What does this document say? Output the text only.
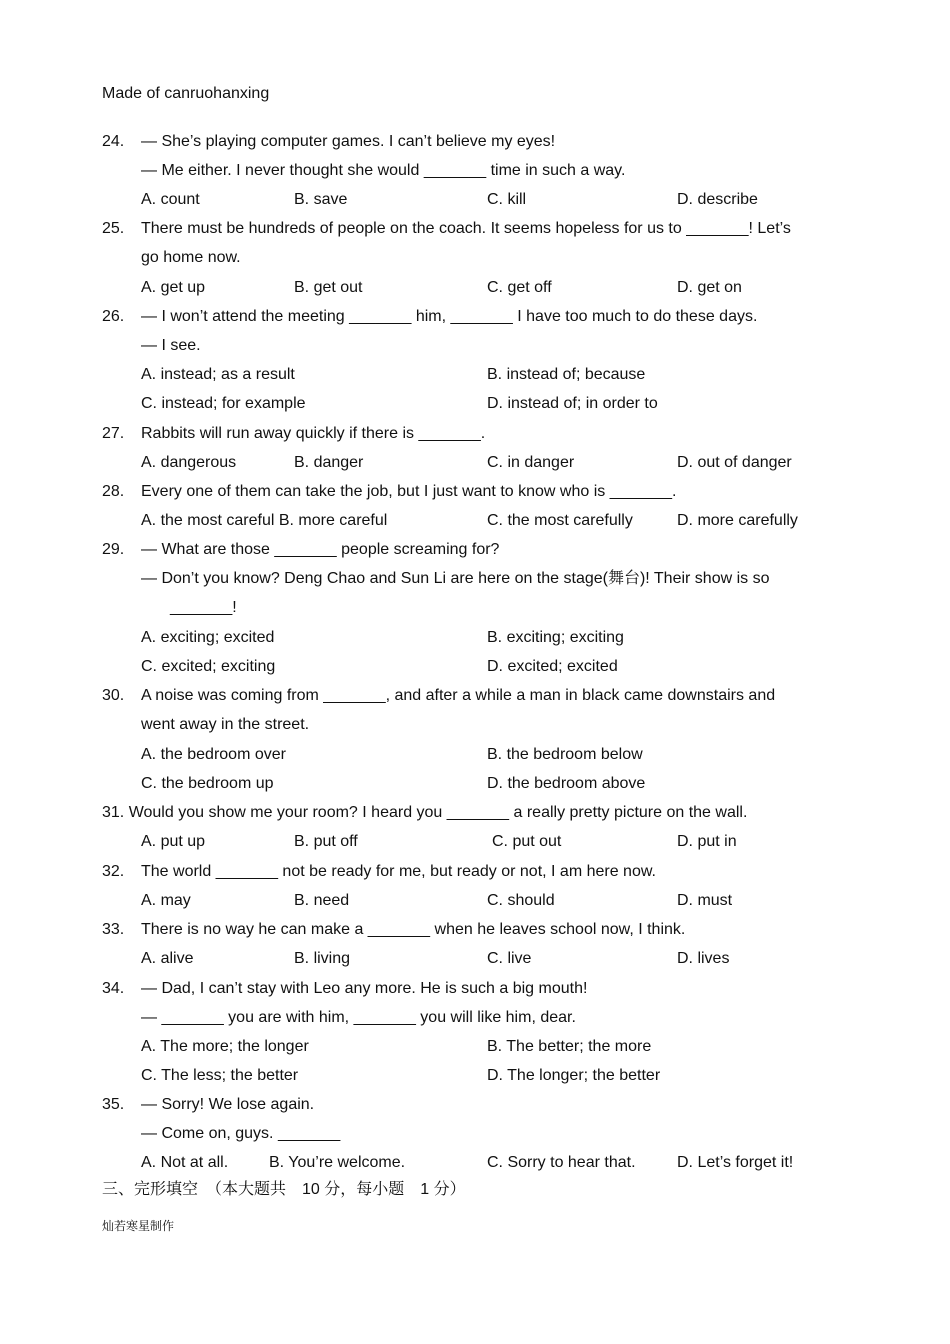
Made of canruohanxing
24. — She’s playing computer games. I can’t believe my eyes!
— Me either. I never thought she would _______ time in such a way.
A. count	B. save	C. kill	D. describe
25. There must be hundreds of people on the coach. It seems hopeless for us to _______! Let’s
go home now.
A. get up	B. get out	C. get off	D. get on
26. — I won’t attend the meeting _______ him, _______ I have too much to do these days.
— I see.
A. instead; as a result	B. instead of; because
C. instead; for example	D. instead of; in order to
27. Rabbits will run away quickly if there is _______.
A. dangerous	B. danger	C. in danger	D. out of danger
28. Every one of them can take the job, but I just want to know who is _______.
A. the most careful B. more careful	C. the most carefully	D. more carefully
29. — What are those _______ people screaming for?
— Don’t you know? Deng Chao and Sun Li are here on the stage(舞台)! Their show is so
_______!
A. exciting; excited	B. exciting; exciting
C. excited; exciting	D. excited; excited
30. A noise was coming from _______, and after a while a man in black came downstairs and
went away in the street.
A. the bedroom over	B. the bedroom below
C. the bedroom up	D. the bedroom above
31. Would you show me your room? I heard you _______ a really pretty picture on the wall.
A. put up	B. put off	C. put out	D. put in
32. The world _______ not be ready for me, but ready or not, I am here now.
A. may	B. need	C. should	D. must
33. There is no way he can make a _______ when he leaves school now, I think.
A. alive	B. living	C. live	D. lives
34. — Dad, I can’t stay with Leo any more. He is such a big mouth!
— _______ you are with him, _______ you will like him, dear.
A. The more; the longer	B. The better; the more
C. The less; the better	D. The longer; the better
35. — Sorry! We lose again.
— Come on, guys. _______
A. Not at all.	B. You’re welcome.	C. Sorry to hear that.	D. Let’s forget it!
三、完形填空　（本大题共　10 分，每小题　1 分）
灿若寒星制作
